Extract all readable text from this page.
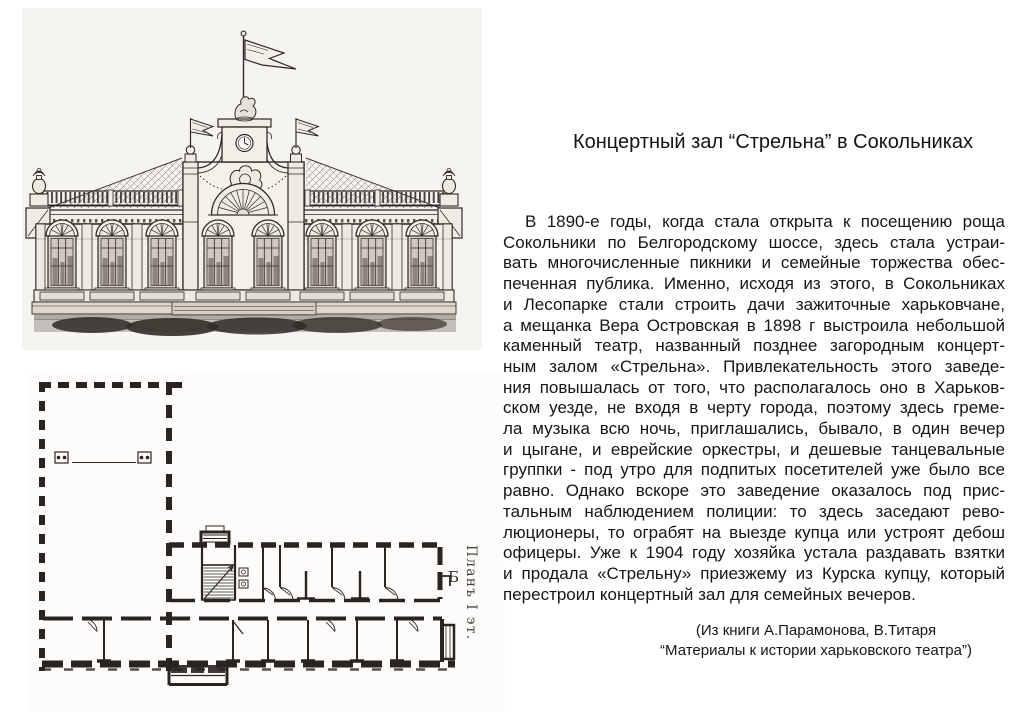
Планъ I эт.
Б
Концертный зал “Стрельна” в Сокольниках
В 1890-е годы, когда стала открыта к посещению роща
Сокольники по Белгородскому шоссе, здесь стала устраи-
вать многочисленные пикники и семейные торжества обес-
печенная публика. Именно, исходя из этого, в Сокольниках
и Лесопарке стали строить дачи зажиточные харьковчане,
а мещанка Вера Островская в 1898 г выстроила небольшой
каменный театр, названный позднее загородным концерт-
ным залом «Стрельна». Привлекательность этого заведе-
ния повышалась от того, что располагалось оно в Харьков-
ском уезде, не входя в черту города, поэтому здесь греме-
ла музыка всю ночь, приглашались, бывало, в один вечер
и цыгане, и еврейские оркестры, и дешевые танцевальные
группки - под утро для подпитых посетителей уже было все
равно. Однако вскоре это заведение оказалось под прис-
тальным наблюдением полиции: то здесь заседают рево-
люционеры, то ограбят на выезде купца или устроят дебош
офицеры. Уже к 1904 году хозяйка устала раздавать взятки
и продала «Стрельну» приезжему из Курска купцу, который
перестроил концертный зал для семейных вечеров.
(Из книги А.Парамонова, В.Титаря
“Материалы к истории харьковского театра”)
